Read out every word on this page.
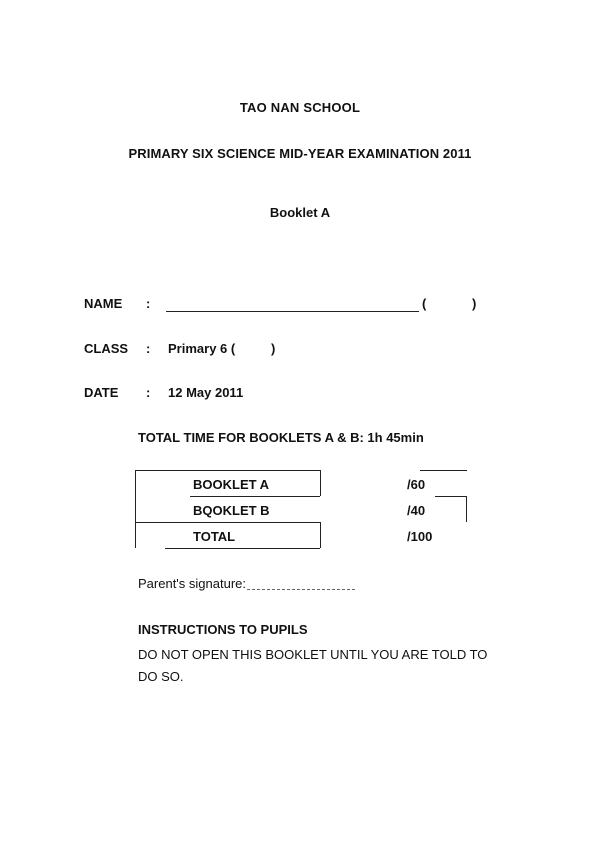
TAO NAN SCHOOL
PRIMARY SIX SCIENCE MID-YEAR EXAMINATION 2011
Booklet A
NAME :	(	)
CLASS : Primary 6 (	)
DATE : 12 May 2011
TOTAL TIME FOR BOOKLETS A & B: 1h 45min
BOOKLET A	/60
BQOKLET B	/40
TOTAL	/100
Parent's signature:
INSTRUCTIONS TO PUPILS
DO NOT OPEN THIS BOOKLET UNTIL YOU ARE TOLD TO DO SO.
